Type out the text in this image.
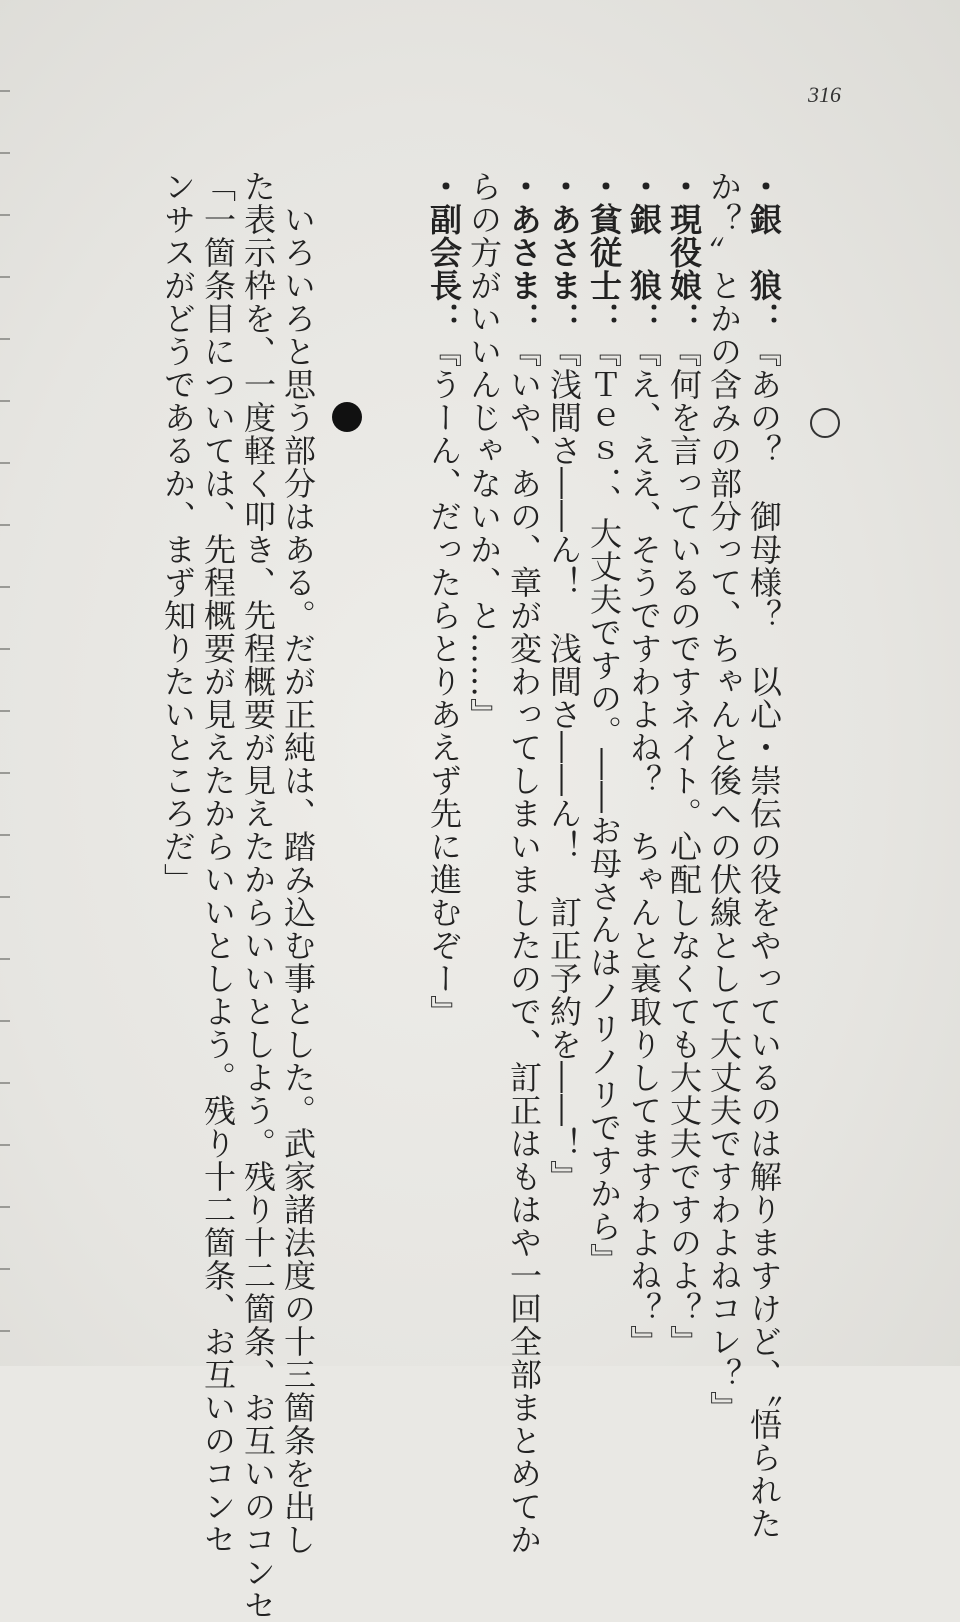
316
・銀　狼：『あの？　御母様？　以心・崇伝の役をやっているのは解りますけど、〝悟られた
か？〟とかの含みの部分って、ちゃんと後への伏線として大丈夫ですわよねコレ？』
・現役娘：『何を言っているのですネイト。心配しなくても大丈夫ですのよ？』
・銀　狼：『え、ええ、そうですわよね？　ちゃんと裏取りしてますわよね？』
・貧従士：『Ｔｅｓ．、大丈夫ですの。――お母さんはノリノリですから』
・あさま：『浅間さ――ん！　浅間さ――ん！　訂正予約を――！』
・あさま：『いや、あの、章が変わってしまいましたので、訂正はもはや一回全部まとめてか
らの方がいいんじゃないか、と……』
・副会長：『うーん、だったらとりあえず先に進むぞー』
　いろいろと思う部分はある。だが正純は、踏み込む事とした。武家諸法度の十三箇条を出し
た表示枠を、一度軽く叩き、先程概要が見えたからいいとしよう。残り十二箇条、お互いのコンセ
「一箇条目については、先程概要が見えたからいいとしよう。残り十二箇条、お互いのコンセ
ンサスがどうであるか、まず知りたいところだ」
